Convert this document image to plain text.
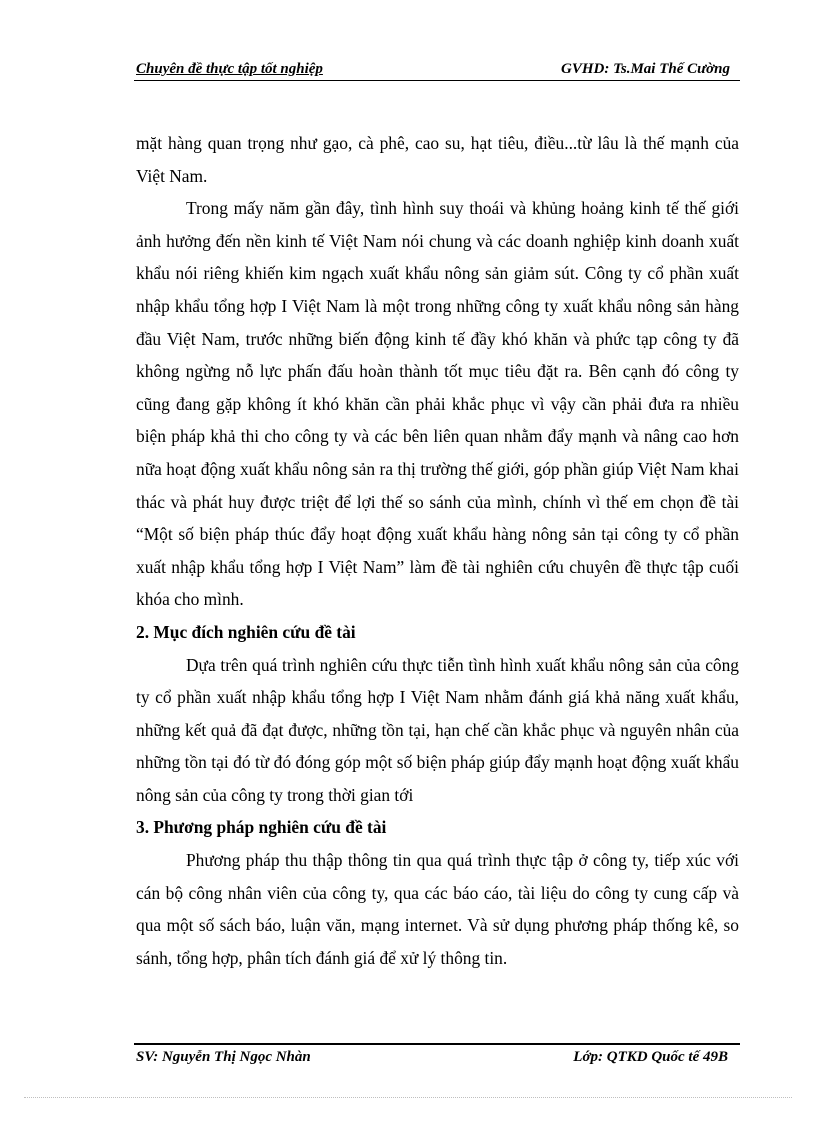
Chuyên đề thực tập tốt nghiệp	GVHD: Ts.Mai Thế Cường

mặt hàng quan trọng như gạo, cà phê, cao su, hạt tiêu, điều...từ lâu là thế mạnh của Việt Nam.

Trong mấy năm gần đây, tình hình suy thoái và khủng hoảng kinh tế thế giới ảnh hưởng đến nền kinh tế Việt Nam nói chung và các doanh nghiệp kinh doanh xuất khẩu nói riêng khiến kim ngạch xuất khẩu nông sản giảm sút. Công ty cổ phần xuất nhập khẩu tổng hợp I Việt Nam là một trong những công ty xuất khẩu nông sản hàng đầu Việt Nam, trước những biến động kinh tế đầy khó khăn và phức tạp công ty đã không ngừng nỗ lực phấn đấu hoàn thành tốt mục tiêu đặt ra. Bên cạnh đó công ty cũng đang gặp không ít khó khăn cần phải khắc phục vì vậy cần phải đưa ra nhiều biện pháp khả thi cho công ty và các bên liên quan nhằm đẩy mạnh và nâng cao hơn nữa hoạt động xuất khẩu nông sản ra thị trường thế giới, góp phần giúp Việt Nam khai thác và phát huy được triệt để lợi thế so sánh của mình, chính vì thế em chọn đề tài “Một số biện pháp thúc đẩy hoạt động xuất khẩu hàng nông sản tại công ty cổ phần xuất nhập khẩu tổng hợp I Việt Nam” làm đề tài nghiên cứu chuyên đề thực tập cuối khóa cho mình.

2. Mục đích nghiên cứu đề tài

Dựa trên quá trình nghiên cứu thực tiễn tình hình xuất khẩu nông sản của công ty cổ phần xuất nhập khẩu tổng hợp I Việt Nam nhằm đánh giá khả năng xuất khẩu, những kết quả đã đạt được, những tồn tại, hạn chế cần khắc phục và nguyên nhân của những tồn tại đó từ đó đóng góp một số biện pháp giúp đẩy mạnh hoạt động xuất khẩu nông sản của công ty trong thời gian tới

3. Phương pháp nghiên cứu đề tài

Phương pháp thu thập thông tin qua quá trình thực tập ở công ty, tiếp xúc với cán bộ công nhân viên của công ty, qua các báo cáo, tài liệu do công ty cung cấp và qua một số sách báo, luận văn, mạng internet. Và sử dụng phương pháp thống kê, so sánh, tổng hợp, phân tích đánh giá để xử lý thông tin.

SV: Nguyễn Thị Ngọc Nhàn	Lớp: QTKD Quốc tế 49B
